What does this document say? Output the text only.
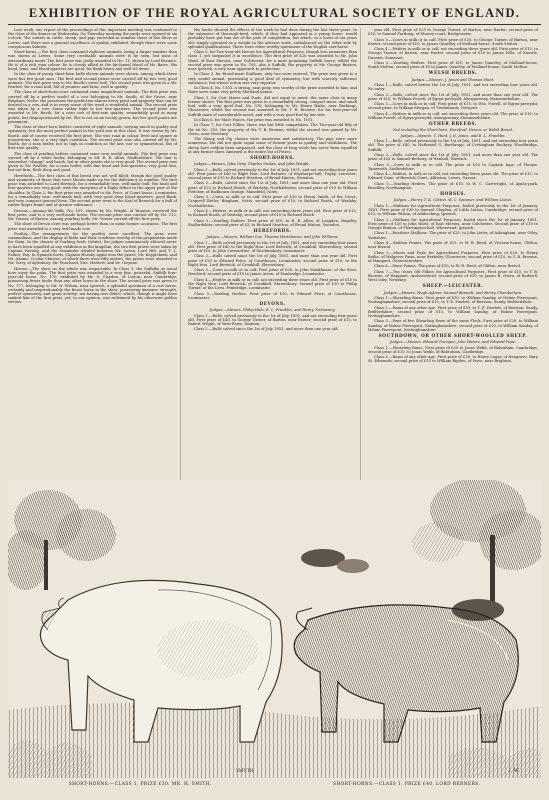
EXHIBITION OF THE ROYAL AGRICULTURAL SOCIETY OF ENGLAND.

Last week, our report of the proceedings of this important meeting was continued to the close of the dinner on Wednesday. On Thursday morning the yards were opened at six o'clock. The entries in cattle, sheep, and pigs exceeded in number those of the Show at Lewes; and there was a general excellence of quality exhibited, though there were some conspicuous failures.

Short-horns.—The first class contained eighteen animals, being a larger number than was shown at Lewes. Some very creditable animals were to be seen, but none of extraordinary merit. The first prize was justly awarded to No. 11, shown by Lord Berners. He is of a rich roan colour: he is closely allied to the far-famed blood of Mr. Bates. His head, loins, and blood-quarters are good, his flank heavy and well let down.

In the class of young short-horn bulls eleven animals were shown, among which there were but few good ones. The first and second prizes were carried off by two very good animals. The first prize was to Mr. Booth's sister bull. The second prize was given to a Mr. Pawlett, for a roan bull, full of promise and form, well in quality.

The class of short-horn cows contained some magnificent animals. The first prize was carried off by a perfect model of a cow belonging to Mr. Smith, of the Grove, near Bingham, Notts: she possesses the perfection almost every point and property that can be desired in a cow, and is in every sense of the word a wonderful animal. The second prize was taken by a cow. Some rather light in her fore-quarters. The second prize was awarded to Mr. Booth, for a roan cow of first-rate quality: remarkably good in many points, but disproportioned by fat. She is not on an evenly grown, but her good points are prominent.

The class of short-horn heifers consisted of eight animals, varying much in quality and symmetry; but the most perfect animal in the yard was in this class. It was shown by Mr. Booth, and of course received the first prize. She was roan in colour, level and square in proportions; she is a very high condition. The second prize was also carried off by Mr. Booth, for a roan heifer, not so high in condition as the last, nor so symmetrical, but of first-rate quality.

The class of yearling heifers contained some very useful animals. The first prize was carried off by a white heifer, belonging to Mr. R. B. Allen, Staffordshire. The hair is somewhat "shaggy" and harsh, but in other points she is very good. The second prize was given to Mr. Pawlett, for a roan heifer, with fine head and fore-quarters, very good loin, but not firm; flesh deep and good.

Herefords.—The first class of this breed was not well filled, though the good quality and symmetry of those that were shown made up for the deficiency in number. The first prize was awarded to Lord Berwick, for a remarkably true, well-made bull. His head and fore-quarters are very good, with the exception of a slight defect in the upper part of the shoulder. In Class 2, the first prize was awarded to Mr. Price, of Court house, Leominster, for a remarkably true, well-made bull, with very good deep blood-quarters, good flank, and very compact general form. The second prize went to the Earl of Berwick for a bull of rather larger frame and of greater substance.

Devons.—Among the bulls, No. 101, shown by Mr. Wright, of Taunton, received the first prize, and is a very well-made beast. The second prize was carried off by No. 112, Mr. Turner, of Barton. Among yearling bulls, Mr. Turner carried off the first prize.

The show of Devon cows was perhaps better than on some former occasions. The first prize was awarded to a very well-made cow.

Poultry.—The arrangements for the poultry were excellent. The pens were commodious, and the display of birds and their condition worthy of the preparation made for them. In the classes of Dorking fowls (white), the judges unanimously allowed never to have been equalled at any exhibition in the kingdom; the two first prizes were taken by Captain Hornby; and the remainder divided between Mr. Lowry, Lord Hill, and T. L. Parker, Esq. In Spanish fowls, Captain Hornby again won the prizes; Mr. Kepplebush, and Mr. Adams. Cochin Chinese, of which there were fifty entries, the prizes were awarded to Mr. Terry, of Aylesbury, Mr. Punchard, Mrs. Herbert, and Dr. Gwynne.

Horses.—The show on the whole was respectable. In Class 1, the Suffolks as usual bore away the palm. The first prize was awarded to a very fine, powerful, Suffolk four-year-old horse, No. 170, exhibited by Mr. S. Clayden, of Linton, near Cambridge, possessing fewer faults than any other horse in the show. The second prize was given to No. 177, belonging to Mr. W. Wilson, near Ipswich, a splendid specimen of a cart horse, certainly and unquestionably the finest horse in the show; possessing immense strength, perfect symmetry, and great activity: not having one defect, which, though it might have ranked him of the first prize, yet, in our opinion, was redeemed by his otherwise golden virtues.

His backs showed the effects of the work he had done during the last three years. In the extensive of thorough-bred, which, if they had appeared in a young horse, would probably have put him out of the pale of competition, but which, in a horse of six years old, simply operated as a weight in the adverse scale, outbalanced on the other side by splendid qualifications. There were other worthy specimens of the English cart-horse.

Class 2, for Two-year-old Horses for Agricultural Purposes, though less numerous than class 1, yet surpassed it in excellence. The first prize of £20 was awarded to Mr. John Ward, of East Mersea, near Colchester, for a most promising Suffolk horse; whilst the second prize was given to No. 195, also a Suffolk, the property of Mr. George Buxton, near Ipswich, a very near approach to perfection.

In Class 3, for Brood-mare Stallions, only two were entered. The prize was given to a very useful animal, possessing a good deal of symmetry, but with scarcely sufficient substance, but whose action was very superior.

In Class 4, No. 1105, a strong, neat pony, was worthy of the prize awarded to him; and there were some very pretty Shetland ponies.

Class 5, for Cart Mares and Foals, did not equal in merit, the same class in many former shows. The first prize was given to a remarkably strong, compact mare, and small foal, with a very good foal, No. 376, belonging to Mr. Henry Bailie, near Barkings, Gloucester; whilst the second was awarded to Mr. T. R. Browne, for his four-year-old Suffolk mare of considerable merit, and with a very good foal by her side.

In Class 6, for Mare Ponies, the prize was awarded to No. 1101.

In Class 7, for Cart Fillies, there was but little competition. The Two-year-old filly of the lot No. 393, the property of Mr. T. B. Browne; whilst the second was gained by Mr. Owen, near Newbury.

The Sheep and Pig classes were numerous and satisfactory. The pigs were more numerous, but did not quite equal some of former years in quality and usefulness. The sheep have seldom been surpassed, and the class of long wools has never been equalled at any former show. Annexed is the entire list of Prizes.

SHORT-HORNS.

Judges.—Messrs. John Grey, Charles Stokes, and John Wright.

Class 1.—Bulls, calved previously to the 1st of July, 1851, and not exceeding four years old. First prize of £40 to Right Hon. Lord Berners, of Keythorpe-hall, Tugby, Leicester; second prize of £15 to Richard Stratton, of Broad Hinton, Swindon.

Class 2.—Bulls, calved since the 1st of July, 1851, and more than one year old. First prize of £25 to Richard Booth, of Warlaby, Northallerton; second prize of £10 to William Fletcher, of Radbourn Grange, Mansfield, Notts.

Class 3.—Cows, in milk or in calf. First prize of £20 to Henry Smith, of the Grove, Cropwell Butler, Bingham, Notts; second prize of £10, to Richard Booth, of Warlaby, Northallerton.

Class 4.—Heifers, in milk or in calf, not exceeding three years old. First prize of £15, to Richard Booth, of Warlaby; second prize of £10 to Richard Booth.

Class 5.—Yearling Heifers. First prize of £10, to R. B. Allen, of Longdon, Rugeley, Staffordshire; second prize of £5, to Richard Stratton, of Broad Hinton, Swindon.

HEREFORDS.

Judges.—Messrs. William Cox, Thomas Hartshorne, and John Williams.

Class 1.—Bulls calved previously to the 1st of July, 1851, and not exceeding four years old. First prize of £40 to the Right Hon. Lord Berwick, of Cronkhill, Shrewsbury; second prize of £15, to John Carwardine, of Stocktonbury, Leominster.

Class 2.—Bulls calved since the 1st of July, 1851, and more than one year old. First prize of £25 to Edward Price, of Courthouse, Leominster; second prize of £10, to the Right Hon. Lord Berwick, of Cronkhill, Shrewsbury.

Class 3.—Cows in milk or in calf. First prize of £20, to John Monkhouse, of the Stow, Hereford; second prize of £10 to James Aston, of Pembridge, Leominster.

Class 4.—Heifers in milk or in calf, not exceeding three years old. First prize of £15 to the Right Hon. Lord Berwick, of Cronkhill, Shrewsbury; second prize of £10 to Philip Turner, of the Leen, Pembridge, Leominster.

Class 5.—Yearling Heifers. First prize of £10, to Edward Price, of Courthouse, Leominster.

DEVONS.

Judges.—Messrs. Philip Hale, E. L. Franklin, and Henry Trelawney.

Class 1.—Bulls, calved previously to the 1st of July, 1851, and not exceeding four years old. First prize of £40, to George Turner, of Barton, near Exeter; second prize of £15, to Robert Wright, of West Farm, Taunton.

Class 2.—Bulls calved since the 1st of July 1851, and more than one year old.

year old. First prize of £25 to George Turner, of Barton, near Exeter; second prize of £10, to Samuel Farthing, of Stowey-court, Bridgewater.

Class 3.—Cows in milk or in calf. First prize of £20, to George Turner, of Barton, near Exeter; second prize of £10, to James Quartley, of Molland-house, South Molton.

Class 4.—Heifers in milk or in calf, not exceeding three years old. First prize of £15, to George Turner, of Barton, near Exeter; second prize of £10 to James Hole, of Knowle, Dunster, Somerset.

Class 5.—Yearling Heifers. First prize of £10, to James Quartley, of Molland-house, South Molton; second prize of £5 to James Quartley, of Molland-house, South Molton.

WELSH BREEDS.

Judges.—Messrs. J. Jones and Thomas Hunt.

Class 1.—Bulls, calved before the 1st of July, 1851, and not exceeding four years old. No entry.

Class 2.—Bulls, calved since the 1st of July, 1851, and more than one year old. The prize of £15, to William Powell, of Egryn-perwydd, Abergavenny, Monmouthshire.

Class 3.—Cows in milk or in calf. First prize of £15, to Wm. Powell, of Egryn-perwydd; second prize, to William Morgan, of Tredunnock, Newport.

Class 4.—Heifers in milk or in calf, not exceeding three years old. The prize of £10, to William Powell, of Egryn-perwydd, Abergavenny, Monmouthshire.

OTHER BREEDS.

Not including the Short-horn, Hereford, Devon, or Welsh Breed.

Judges.—Messrs. T. Hunt, J. E. Jones, and E. L. Franklin.

Class 1.—Bulls, calved previously to the 1st of July, 1851, and not exceeding four years old. The prize of £40, to Nathaniel G. Barthropp, of Cretingham Rookery, Woodbridge, Suffolk.

Class 2.—Bulls, calved since the 1st of July, 1851, and more than one year old. The prize of £25 to Samuel Berbery, of Wenhall, Warwick.

Class 3.—Cows in milk or in calf. The prize of £20 to Captain Inge, of Thorpe, Tamworth, Staffordshire.

Class 4.—Heifers, in milk or in calf, not exceeding three years old. The prize of £15, to Edward Cane, of Berwick Court, Alfriston, Lewes, Sussex.

Class 5.—Yearling Heifers. The prize of £10, to W. C. Cartwright, of Aynho-park, Brackley, Northampton.

HORSES.

Judges.—Henry T. K. Cotton, W. C. Spooner, and William Liston.

Class 1.—Stallions for Agricultural Purposes, foaled previously to the 1st of January, 1851. First prize of £30 to Samuel Clayden, of Little Linton, Cambridge; second prize of £15, to William Wilson, of Ashbocking, Ipswich.

Class 2.—Stallions for Agricultural Purposes, foaled since the 1st of January, 1851. First prize of £20 to John Ward, of East Mersea, near Colchester. Second prize of £10 to George Buxton, of Thorrington-hall, Wherstead, Ipswich.

Class 3.—Roadster Stallions. The prize of £25, to John Lister, of Ashingham, near Otley, Yorkshire.

Class 4.—Stallion Ponies. The prize of £15, to W. B. Reed, of Victoria-house, Clifton, near Bristol.

Class 5.—Mares and Foals for Agricultural Purposes. First prize of £20, to Henry Bailie, of Walgrove Farm, near Berkeley, Gloucester; second prize of £10, to T. B. Browne, of Hampnet, Gloucestershire.

Class 6.—Mare Ponies. The prize of £10, to W. B. Reed, of Clifton, near Bristol.

Class 7.—Two Years Old Fillies, for Agricultural Purposes. First prize of £15, to T. B. Browne, of Hampnet, Andoversford; second prize of £10, to James B. Owen, of Bodwell, West Isley, Newbury.

SHEEP.—LEICESTER.

Judges.—Messrs. Hugh Aylmer, Samuel Bennett, and Henry Chamberlain.

Class 1.—Shearling Rams. First prize of £30, to William Sanday, of Holme Pierrepont, Nottinghamshire; second prize of £15, to T. E. Pawlett, of Beeston, Sandy, Bedfordshire.

Class 2.—Rams of any other age. First prize of £30, to T. E. Pawlett, of Beeston, Sandy, Bedfordshire; second prize of £15, to William Sanday, of Holme Pierrepont, Nottinghamshire.

Class 3.—Pens of five Shearling Ewes of the same Flock. First prize of £20, to William Sanday, of Holme Pierrepont, Nottinghamshire; second prize of £10, to William Sanday, of Holme Pierrepont, Nottinghamshire.

SOUTHDOWN, OR OTHER SHORT-WOOLLED SHEEP.

Judges.—Messrs. Edward Trumper, John Waters, and Edward Pope.

Class 1.—Shearling Rams. First prize of £30 to Jonas Webb, of Babraham, Cambridge; second prize of £15, to Jonas Webb, of Babraham, Cambridge.

Class 2.—Rams of any other age. First prize of £30, to Henry Lugar, of Hengrave, Bury St. Edmunds; second prize of £15 to William Rigden, of Hove, near Brighton.

SMYTH	J. W.
SHORT-HORNS.—CLASS 1, PRIZE £30. MR. H. SMITH.	SHORT-HORNS.—CLASS 1, PRIZE £40. LORD BERNERS.
